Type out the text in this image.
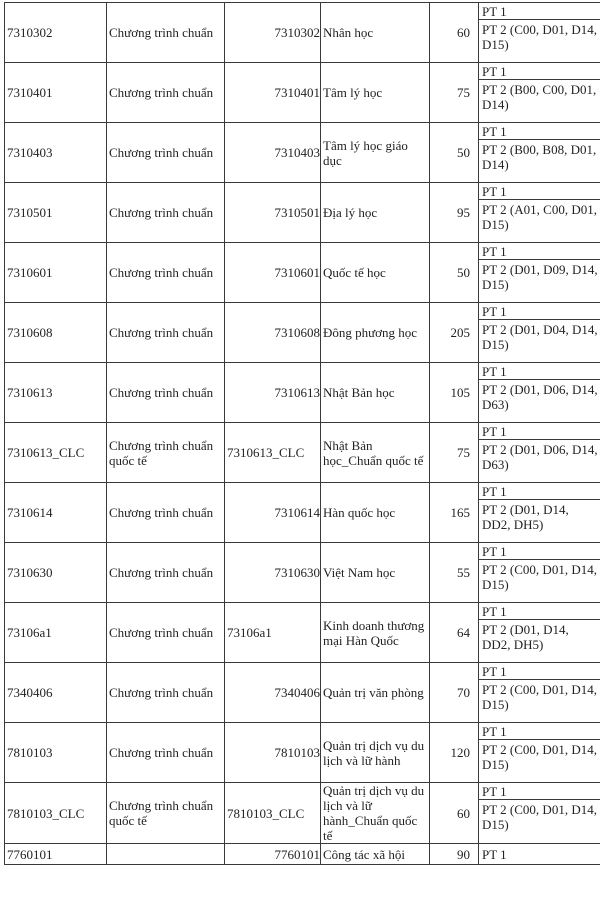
7310302	Chương trình chuẩn	7310302	Nhân học	60	PT 1
					PT 2 (C00, D01, D14, D15)
7310401	Chương trình chuẩn	7310401	Tâm lý học	75	PT 1
					PT 2 (B00, C00, D01, D14)
7310403	Chương trình chuẩn	7310403	Tâm lý học giáo dục	50	PT 1
					PT 2 (B00, B08, D01, D14)
7310501	Chương trình chuẩn	7310501	Địa lý học	95	PT 1
					PT 2 (A01, C00, D01, D15)
7310601	Chương trình chuẩn	7310601	Quốc tế học	50	PT 1
					PT 2 (D01, D09, D14, D15)
7310608	Chương trình chuẩn	7310608	Đông phương học	205	PT 1
					PT 2 (D01, D04, D14, D15)
7310613	Chương trình chuẩn	7310613	Nhật Bản học	105	PT 1
					PT 2 (D01, D06, D14, D63)
7310613_CLC	Chương trình chuẩn quốc tế	7310613_CLC	Nhật Bản học_Chuẩn quốc tế	75	PT 1
					PT 2 (D01, D06, D14, D63)
7310614	Chương trình chuẩn	7310614	Hàn quốc học	165	PT 1
					PT 2 (D01, D14, DD2, DH5)
7310630	Chương trình chuẩn	7310630	Việt Nam học	55	PT 1
					PT 2 (C00, D01, D14, D15)
73106a1	Chương trình chuẩn	73106a1	Kinh doanh thương mại Hàn Quốc	64	PT 1
					PT 2 (D01, D14, DD2, DH5)
7340406	Chương trình chuẩn	7340406	Quản trị văn phòng	70	PT 1
					PT 2 (C00, D01, D14, D15)
7810103	Chương trình chuẩn	7810103	Quản trị dịch vụ du lịch và lữ hành	120	PT 1
					PT 2 (C00, D01, D14, D15)
7810103_CLC	Chương trình chuẩn quốc tế	7810103_CLC	Quản trị dịch vụ du lịch và lữ hành_Chuẩn quốc tế	60	PT 1
					PT 2 (C00, D01, D14, D15)
7760101		7760101	Công tác xã hội	90	PT 1
